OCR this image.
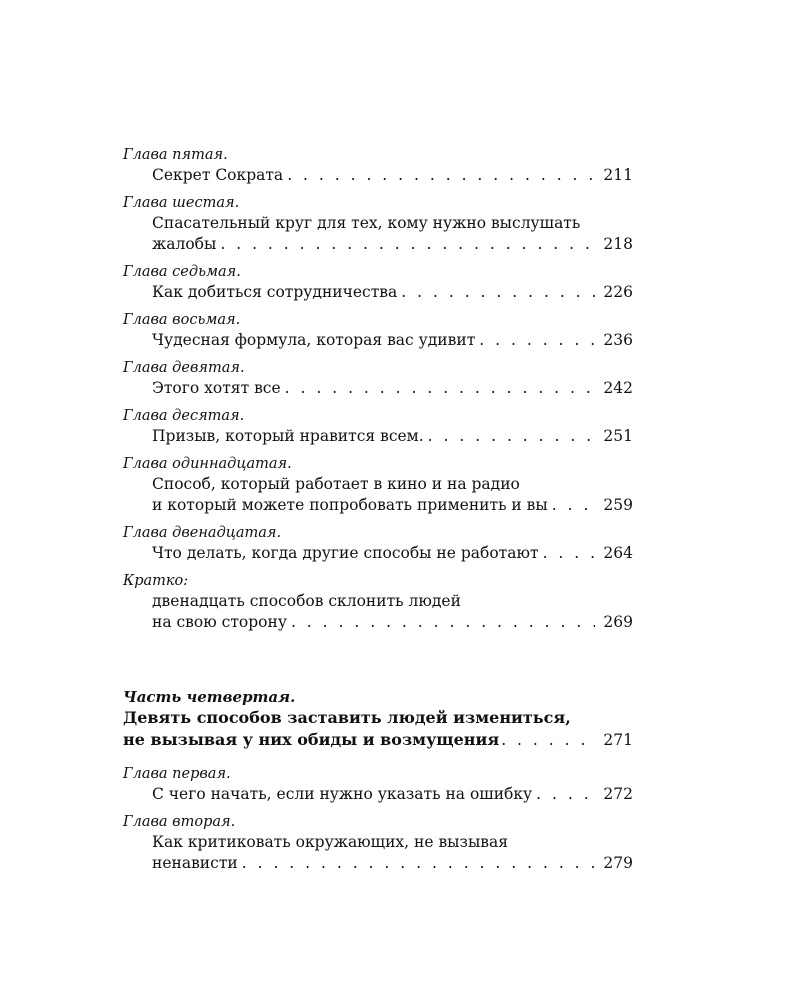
Глава пятая.
Секрет Сократа . . .	211
Глава шестая.
Спасательный круг для тех, кому нужно выслушать
жалобы . . .	218
Глава седьмая.
Как добиться сотрудничества . . .	226
Глава восьмая.
Чудесная формула, которая вас удивит . . .	236
Глава девятая.
Этого хотят все . . .	242
Глава десятая.
Призыв, который нравится всем. . . .	251
Глава одиннадцатая.
Способ, который работает в кино и на радио
и который можете попробовать применить и вы . . .	259
Глава двенадцатая.
Что делать, когда другие способы не работают . . .	264
Кратко:
двенадцать способов склонить людей
на свою сторону . . .	269
Часть четвертая.
Девять способов заставить людей измениться,
не вызывая у них обиды и возмущения . . .	271
Глава первая.
С чего начать, если нужно указать на ошибку . . .	272
Глава вторая.
Как критиковать окружающих, не вызывая
ненависти . . .	279
